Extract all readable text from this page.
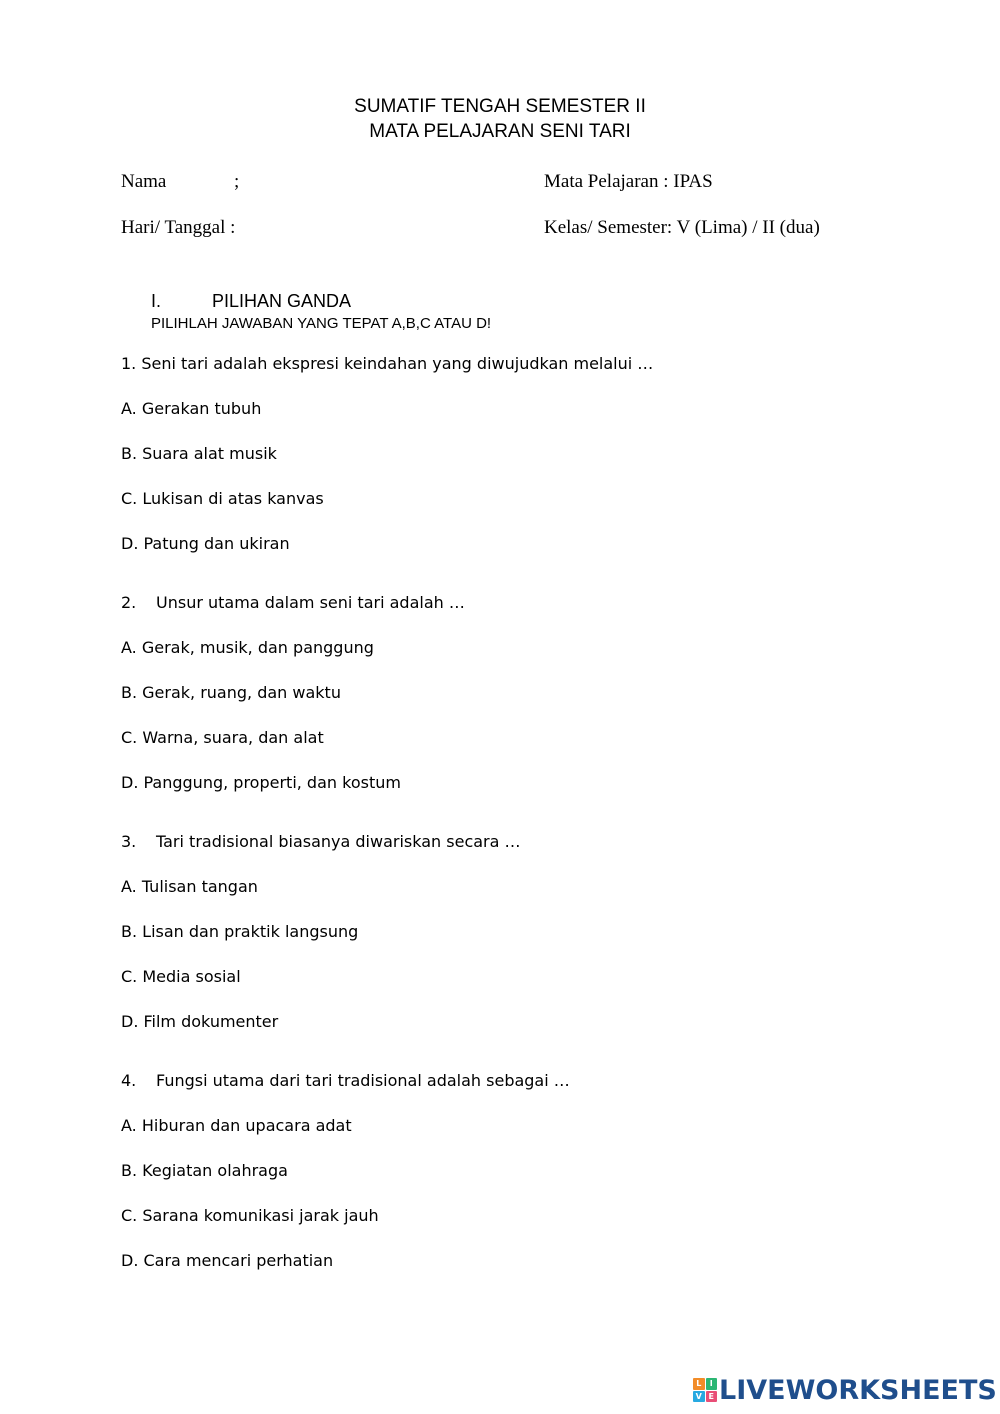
SUMATIF TENGAH SEMESTER II
MATA PELAJARAN SENI TARI
Nama	;	Mata Pelajaran : IPAS
Hari/ Tanggal :	Kelas/ Semester: V (Lima) / II (dua)
I.	PILIHAN GANDA
PILIHLAH JAWABAN YANG TEPAT A,B,C ATAU D!
1. Seni tari adalah ekspresi keindahan yang diwujudkan melalui …
A. Gerakan tubuh
B. Suara alat musik
C. Lukisan di atas kanvas
D. Patung dan ukiran
2. Unsur utama dalam seni tari adalah …
A. Gerak, musik, dan panggung
B. Gerak, ruang, dan waktu
C. Warna, suara, dan alat
D. Panggung, properti, dan kostum
3. Tari tradisional biasanya diwariskan secara …
A. Tulisan tangan
B. Lisan dan praktik langsung
C. Media sosial
D. Film dokumenter
4. Fungsi utama dari tari tradisional adalah sebagai …
A. Hiburan dan upacara adat
B. Kegiatan olahraga
C. Sarana komunikasi jarak jauh
D. Cara mencari perhatian
L	I
V E LIVEWORKSHEETS
